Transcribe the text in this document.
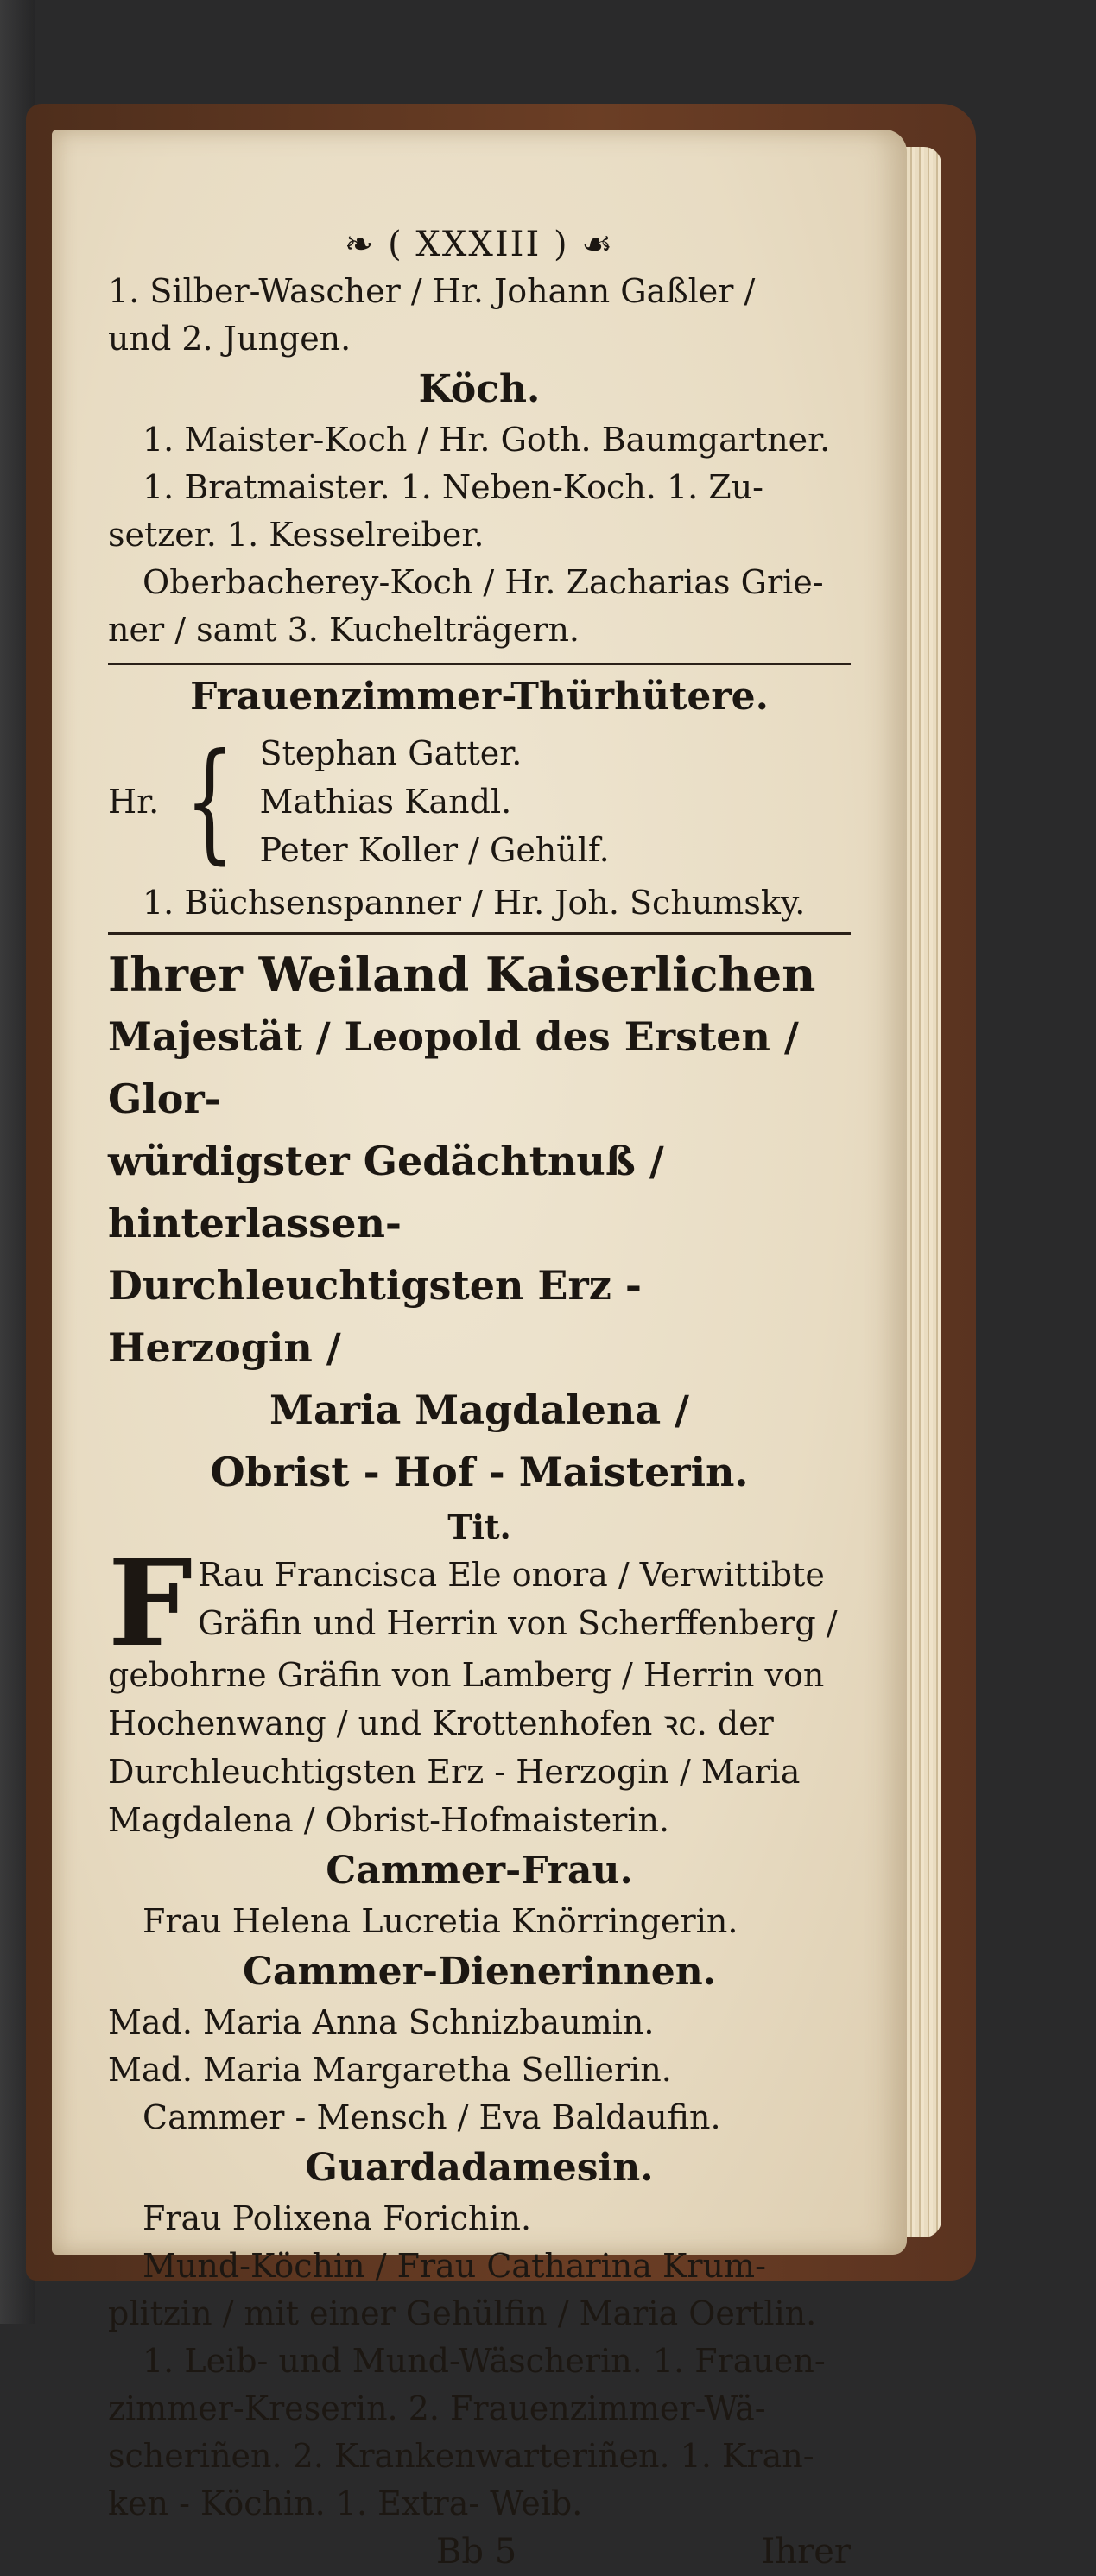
❧ ( XXXIII ) ☙
1. Silber-Wascher / Hr. Johann Gaßler /
und 2. Jungen.
Köch.
1. Maister-Koch / Hr. Goth. Baumgartner.
1. Bratmaister. 1. Neben-Koch. 1. Zu-
setzer. 1. Kesselreiber.
Oberbacherey-Koch / Hr. Zacharias Grie-
ner / samt 3. Kuchelträgern.
Frauenzimmer-Thürhütere.
Hr. { Stephan Gatter.
Mathias Kandl.
Peter Koller / Gehülf.
1. Büchsenspanner / Hr. Joh. Schumsky.
Ihrer Weiland Kaiserlichen
Majestät / Leopold des Ersten / Glor-
würdigster Gedächtnuß / hinterlassen-
Durchleuchtigsten Erz - Herzogin /
Maria Magdalena /
Obrist - Hof - Maisterin.
Tit.
F Rau Francisca Ele onora / Verwittibte
Gräfin und Herrin von Scherffenberg /
gebohrne Gräfin von Lamberg / Herrin von
Hochenwang / und Krottenhofen ꝛc. der
Durchleuchtigsten Erz - Herzogin / Maria
Magdalena / Obrist-Hofmaisterin.
Cammer-Frau.
Frau Helena Lucretia Knörringerin.
Cammer-Dienerinnen.
Mad. Maria Anna Schnizbaumin.
Mad. Maria Margaretha Sellierin.
Cammer - Mensch / Eva Baldaufin.
Guardadamesin.
Frau Polixena Forichin.
Mund-Köchin / Frau Catharina Krum-
plitzin / mit einer Gehülfin / Maria Oertlin.
1. Leib- und Mund-Wäscherin. 1. Frauen-
zimmer-Kreserin. 2. Frauenzimmer-Wä-
scheriñen. 2. Krankenwarteriñen. 1. Kran-
ken - Köchin. 1. Extra- Weib.
Bb 5	Ihrer
